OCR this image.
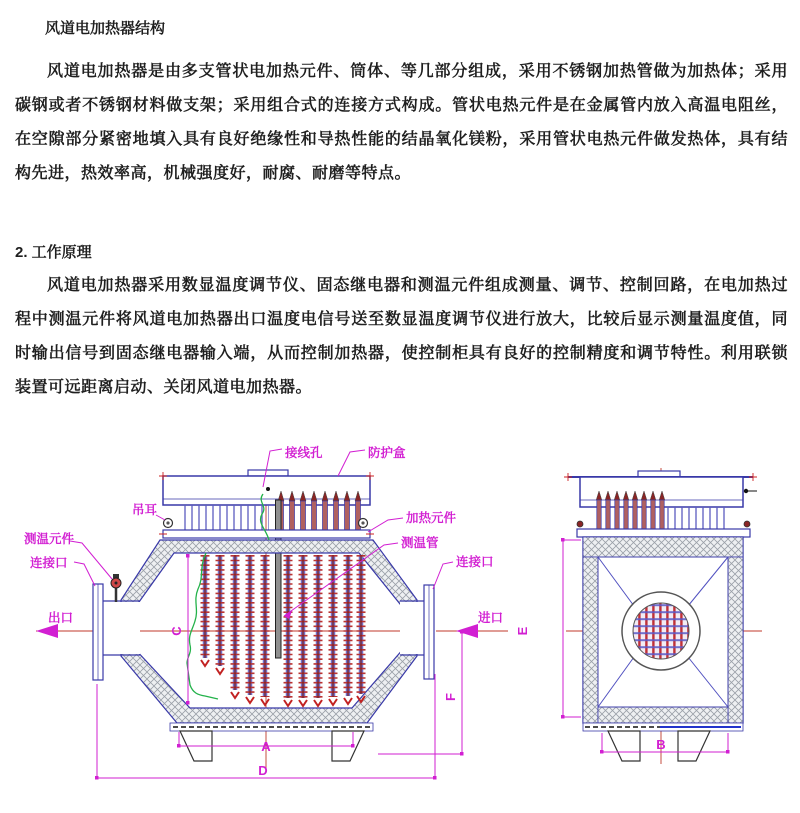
风道电加热器结构
风道电加热器是由多支管状电加热元件、筒体、等几部分组成，采用不锈钢加热管做为加热体；采用碳钢或者不锈钢材料做支架；采用组合式的连接方式构成。管状电热元件是在金属管内放入高温电阻丝，在空隙部分紧密地填入具有良好绝缘性和导热性能的结晶氧化镁粉，采用管状电热元件做发热体，具有结构先进，热效率高，机械强度好，耐腐、耐磨等特点。
2. 工作原理
风道电加热器采用数显温度调节仪、固态继电器和测温元件组成测量、调节、控制回路，在电加热过程中测温元件将风道电加热器出口温度电信号送至数显温度调节仪进行放大，比较后显示测量温度值，同时输出信号到固态继电器输入端，从而控制加热器，使控制柜具有良好的控制精度和调节特性。利用联锁装置可远距离启动、关闭风道电加热器。
C
A
D
F
接线孔	防护盒
吊耳
加热元件
测温管
连接口
测温元件
连接口
出口	进口
E
B
